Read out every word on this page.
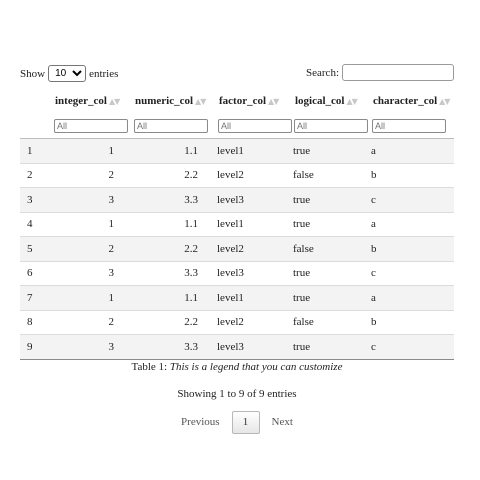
Show
10	entries	Search:
	integer_col ▲▼	numeric_col ▲▼	factor_col ▲▼	logical_col ▲▼	character_col ▲▼
	All	All	All	All	All
1	1	1.1	level1	true	a
2	2	2.2	level2	false	b
3	3	3.3	level3	true	c
4	1	1.1	level1	true	a
5	2	2.2	level2	false	b
6	3	3.3	level3	true	c
7	1	1.1	level1	true	a
8	2	2.2	level2	false	b
9	3	3.3	level3	true	c
Table 1: This is a legend that you can customize
Showing 1 to 9 of 9 entries
Previous	1	Next
